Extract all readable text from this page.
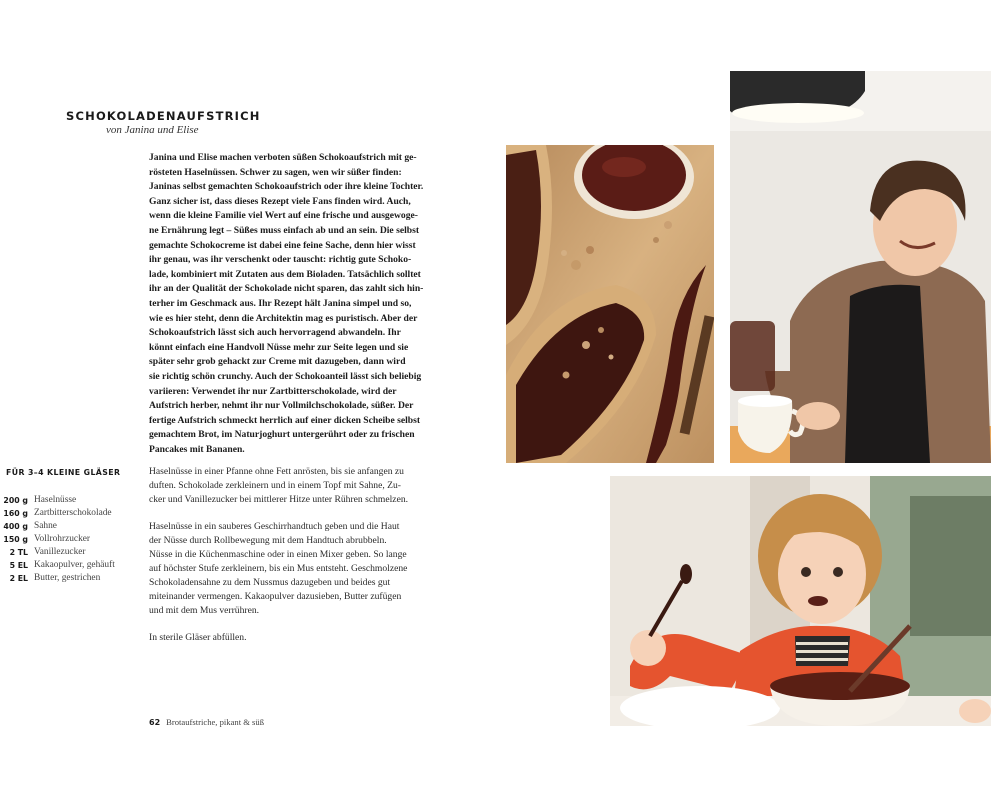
SCHOKOLADENAUFSTRICH
von Janina und Elise
Janina und Elise machen verboten süßen Schokoaufstrich mit ge-
rösteten Haselnüssen. Schwer zu sagen, wen wir süßer finden:
Janinas selbst gemachten Schokoaufstrich oder ihre kleine Tochter.
Ganz sicher ist, dass dieses Rezept viele Fans finden wird. Auch,
wenn die kleine Familie viel Wert auf eine frische und ausgewoge-
ne Ernährung legt – Süßes muss einfach ab und an sein. Die selbst
gemachte Schokocreme ist dabei eine feine Sache, denn hier wisst
ihr genau, was ihr verschenkt oder tauscht: richtig gute Schoko-
lade, kombiniert mit Zutaten aus dem Bioladen. Tatsächlich solltet
ihr an der Qualität der Schokolade nicht sparen, das zahlt sich hin-
terher im Geschmack aus. Ihr Rezept hält Janina simpel und so,
wie es hier steht, denn die Architektin mag es puristisch. Aber der
Schokoaufstrich lässt sich auch hervorragend abwandeln. Ihr
könnt einfach eine Handvoll Nüsse mehr zur Seite legen und sie
später sehr grob gehackt zur Creme mit dazugeben, dann wird
sie richtig schön crunchy. Auch der Schokoanteil lässt sich beliebig
variieren: Verwendet ihr nur Zartbitterschokolade, wird der
Aufstrich herber, nehmt ihr nur Vollmilchschokolade, süßer. Der
fertige Aufstrich schmeckt herrlich auf einer dicken Scheibe selbst
gemachtem Brot, im Naturjoghurt untergerührt oder zu frischen
Pancakes mit Bananen.
FÜR 3–4 KLEINE GLÄSER
200 g Haselnüsse
160 g Zartbitterschokolade
400 g Sahne
150 g Vollrohrzucker
2 TL Vanillezucker
5 EL Kakaopulver, gehäuft
2 EL Butter, gestrichen
Haselnüsse in einer Pfanne ohne Fett anrösten, bis sie anfangen zu
duften. Schokolade zerkleinern und in einem Topf mit Sahne, Zu-
cker und Vanillezucker bei mittlerer Hitze unter Rühren schmelzen.
Haselnüsse in ein sauberes Geschirrhandtuch geben und die Haut
der Nüsse durch Rollbewegung mit dem Handtuch abrubbeln.
Nüsse in die Küchenmaschine oder in einen Mixer geben. So lange
auf höchster Stufe zerkleinern, bis ein Mus entsteht. Geschmolzene
Schokoladensahne zu dem Nussmus dazugeben und beides gut
miteinander vermengen. Kakaopulver dazusieben, Butter zufügen
und mit dem Mus verrühren.
In sterile Gläser abfüllen.
62 Brotaufstriche, pikant & süß
